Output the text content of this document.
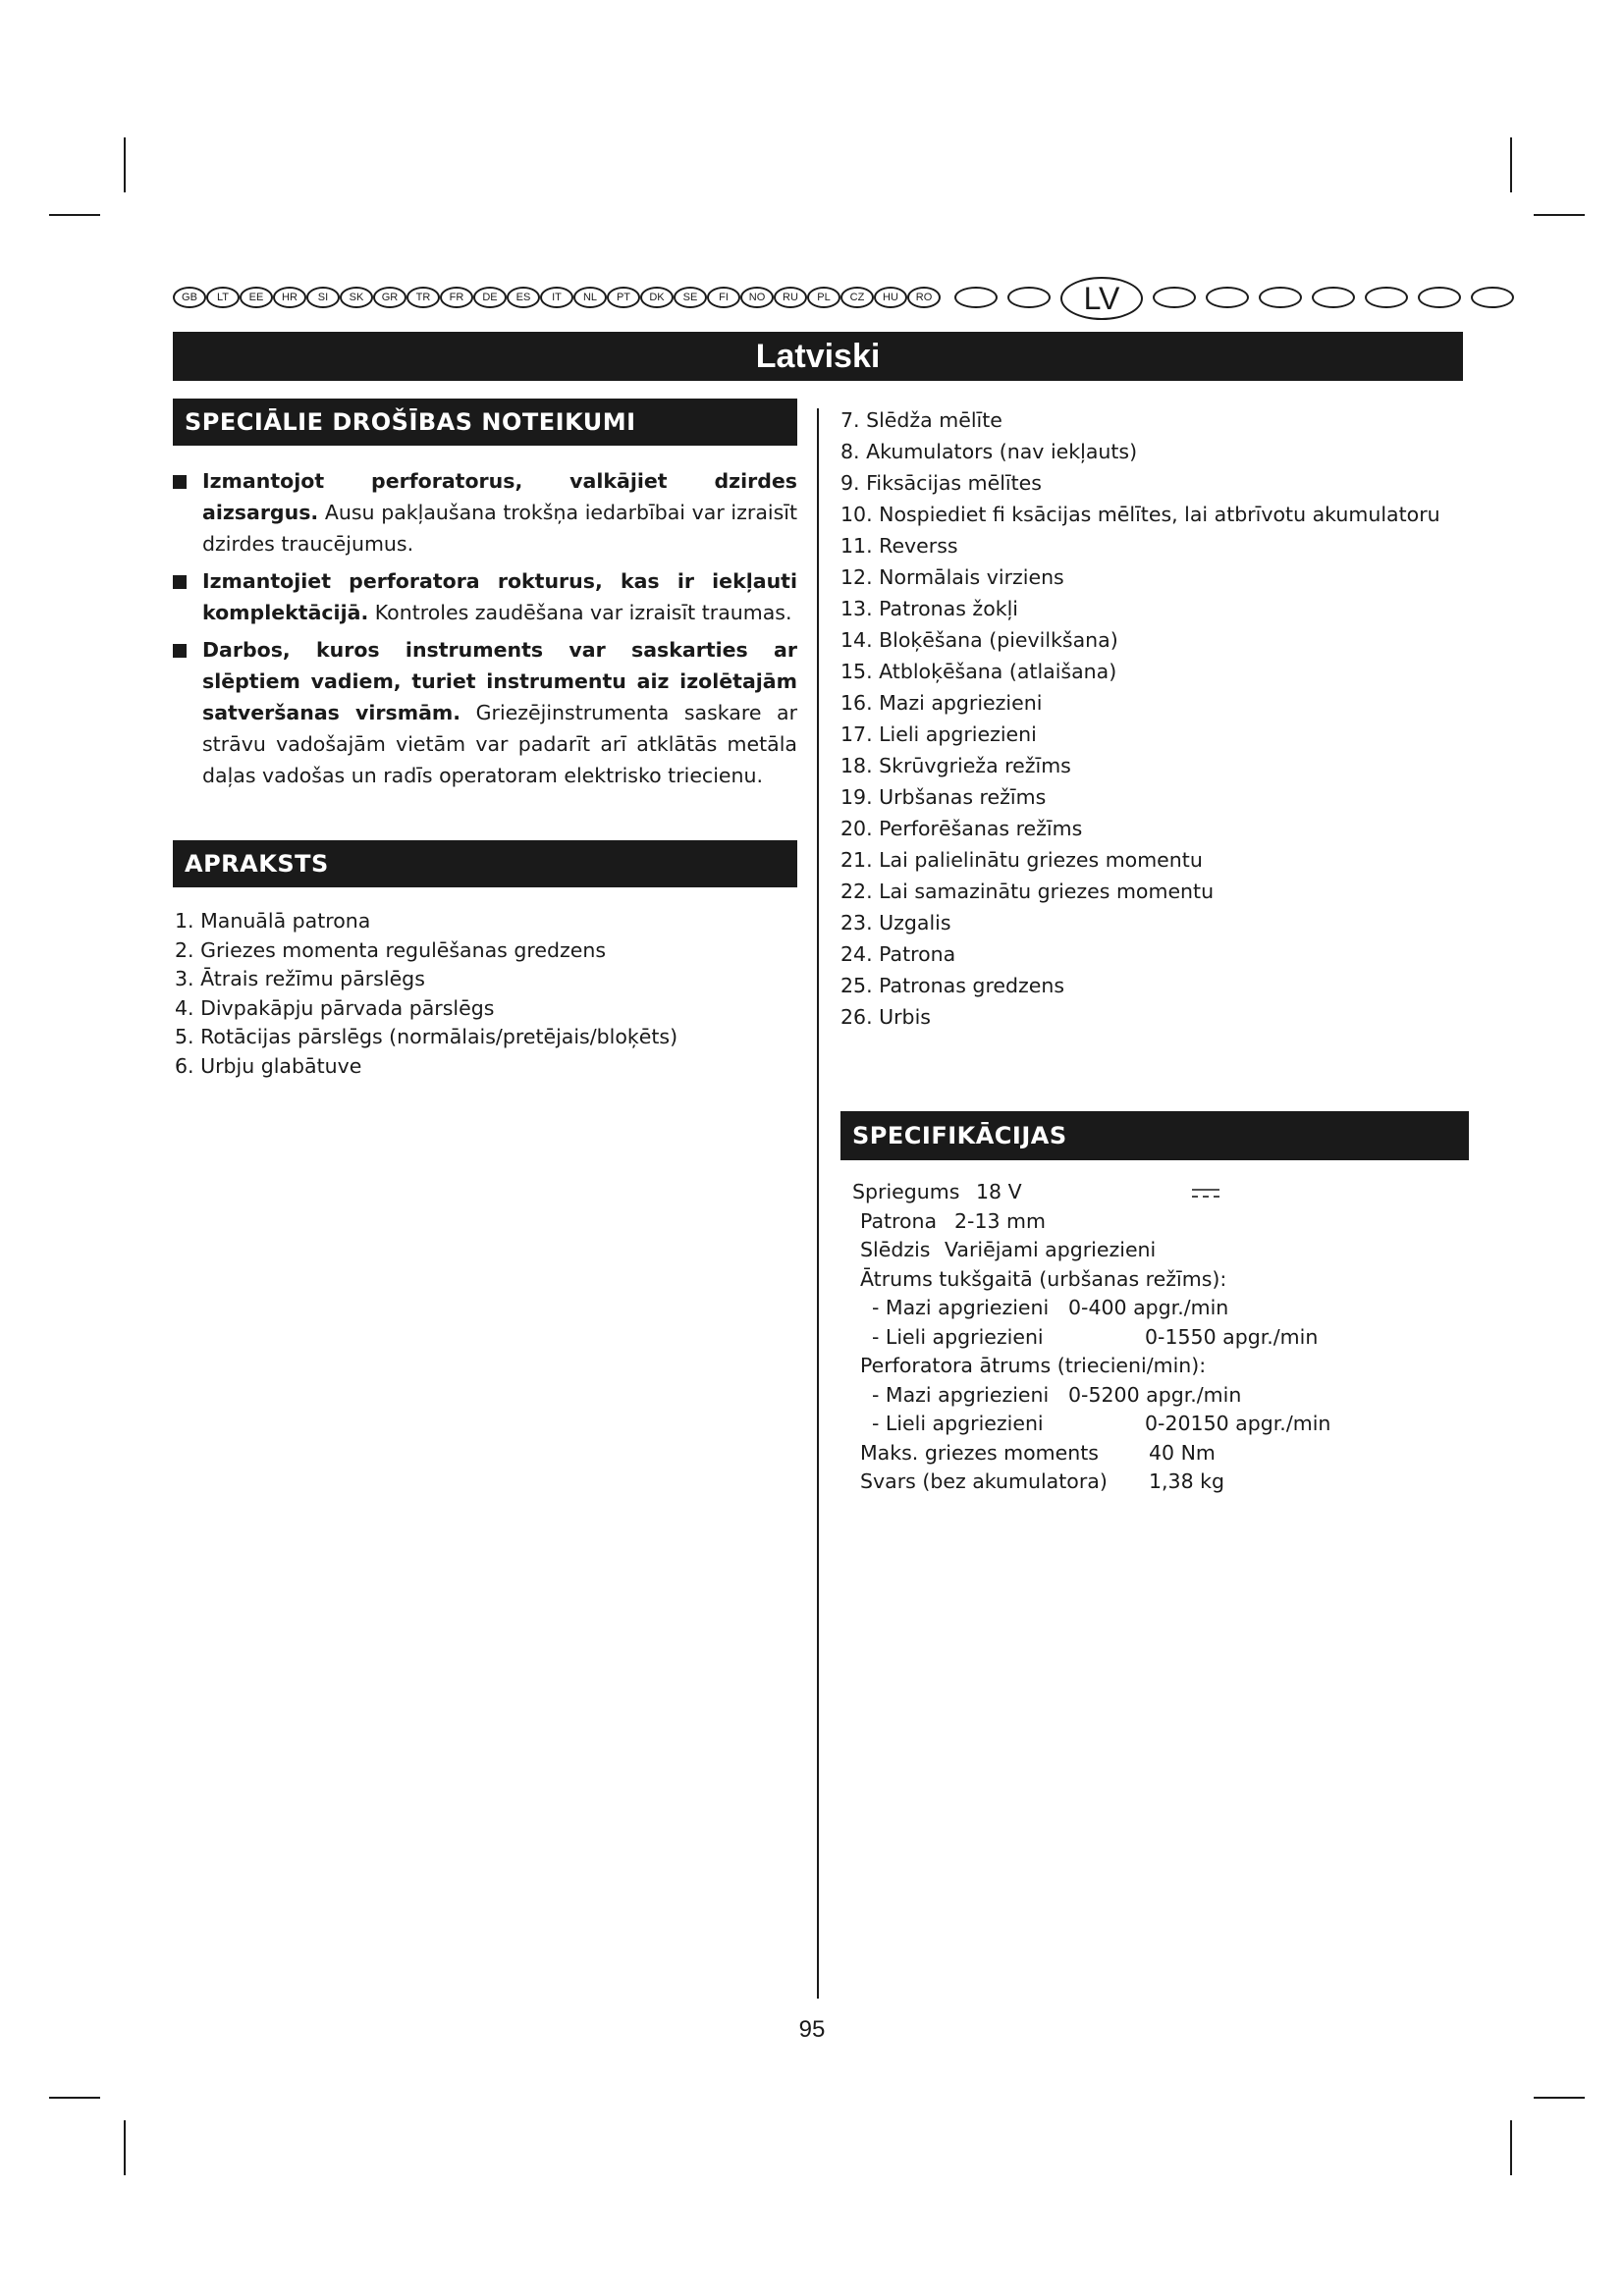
GB	LT	EE	HR	SI	SK	GR	TR	FR	DE	ES	IT	NL	PT	DK	SE	FI	NO	RU	PL	CZ	HU	RO	LV
Latviski
SPECIĀLIE DROŠĪBAS NOTEIKUMI
Izmantojot perforatorus, valkājiet dzirdes aizsargus. Ausu pakļaušana trokšņa iedarbībai var izraisīt dzirdes traucējumus.
Izmantojiet perforatora rokturus, kas ir iekļauti komplektācijā. Kontroles zaudēšana var izraisīt traumas.
Darbos, kuros instruments var saskarties ar slēptiem vadiem, turiet instrumentu aiz izolētajām satveršanas virsmām. Griezējinstrumenta saskare ar strāvu vadošajām vietām var padarīt arī atklātās metāla daļas vadošas un radīs operatoram elektrisko triecienu.
APRAKSTS
1. Manuālā patrona
2. Griezes momenta regulēšanas gredzens
3. Ātrais režīmu pārslēgs
4. Divpakāpju pārvada pārslēgs
5. Rotācijas pārslēgs (normālais/pretējais/bloķēts)
6. Urbju glabātuve
7. Slēdža mēlīte
8. Akumulators (nav iekļauts)
9. Fiksācijas mēlītes
10. Nospiediet fi ksācijas mēlītes, lai atbrīvotu akumulatoru
11. Reverss
12. Normālais virziens
13. Patronas žokļi
14. Bloķēšana (pievilkšana)
15. Atbloķēšana (atlaišana)
16. Mazi apgriezieni
17. Lieli apgriezieni
18. Skrūvgrieža režīms
19. Urbšanas režīms
20. Perforēšanas režīms
21. Lai palielinātu griezes momentu
22. Lai samazinātu griezes momentu
23. Uzgalis
24. Patrona
25. Patronas gredzens
26. Urbis
SPECIFIKĀCIJAS
Spriegums 18 V
Patrona 2-13 mm
Slēdzis Variējami apgriezieni
Ātrums tukšgaitā (urbšanas režīms):
- Mazi apgriezieni 0-400 apgr./min
- Lieli apgriezieni	0-1550 apgr./min
Perforatora ātrums (triecieni/min):
- Mazi apgriezieni 0-5200 apgr./min
- Lieli apgriezieni	0-20150 apgr./min
Maks. griezes moments 40 Nm
Svars (bez akumulatora) 1,38 kg
95
